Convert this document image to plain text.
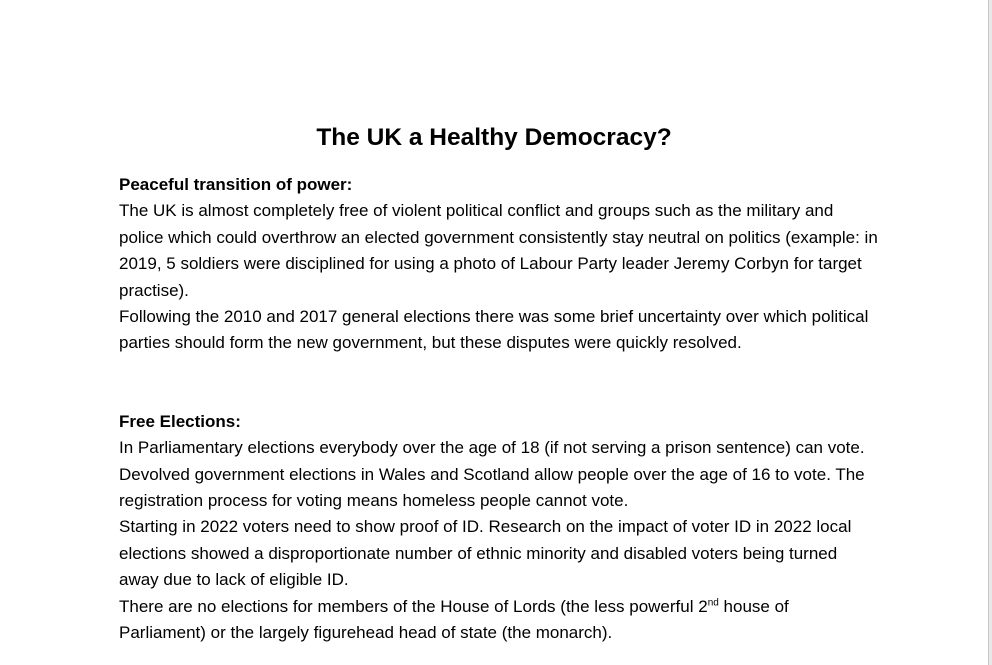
The UK a Healthy Democracy?

Peaceful transition of power:

The UK is almost completely free of violent political conflict and groups such as the military and police which could overthrow an elected government consistently stay neutral on politics (example: in 2019, 5 soldiers were disciplined for using a photo of Labour Party leader Jeremy Corbyn for target practise).

Following the 2010 and 2017 general elections there was some brief uncertainty over which political parties should form the new government, but these disputes were quickly resolved.

Free Elections:

In Parliamentary elections everybody over the age of 18 (if not serving a prison sentence) can vote. Devolved government elections in Wales and Scotland allow people over the age of 16 to vote. The registration process for voting means homeless people cannot vote.

Starting in 2022 voters need to show proof of ID. Research on the impact of voter ID in 2022 local elections showed a disproportionate number of ethnic minority and disabled voters being turned away due to lack of eligible ID.

There are no elections for members of the House of Lords (the less powerful 2nd house of Parliament) or the largely figurehead head of state (the monarch).
